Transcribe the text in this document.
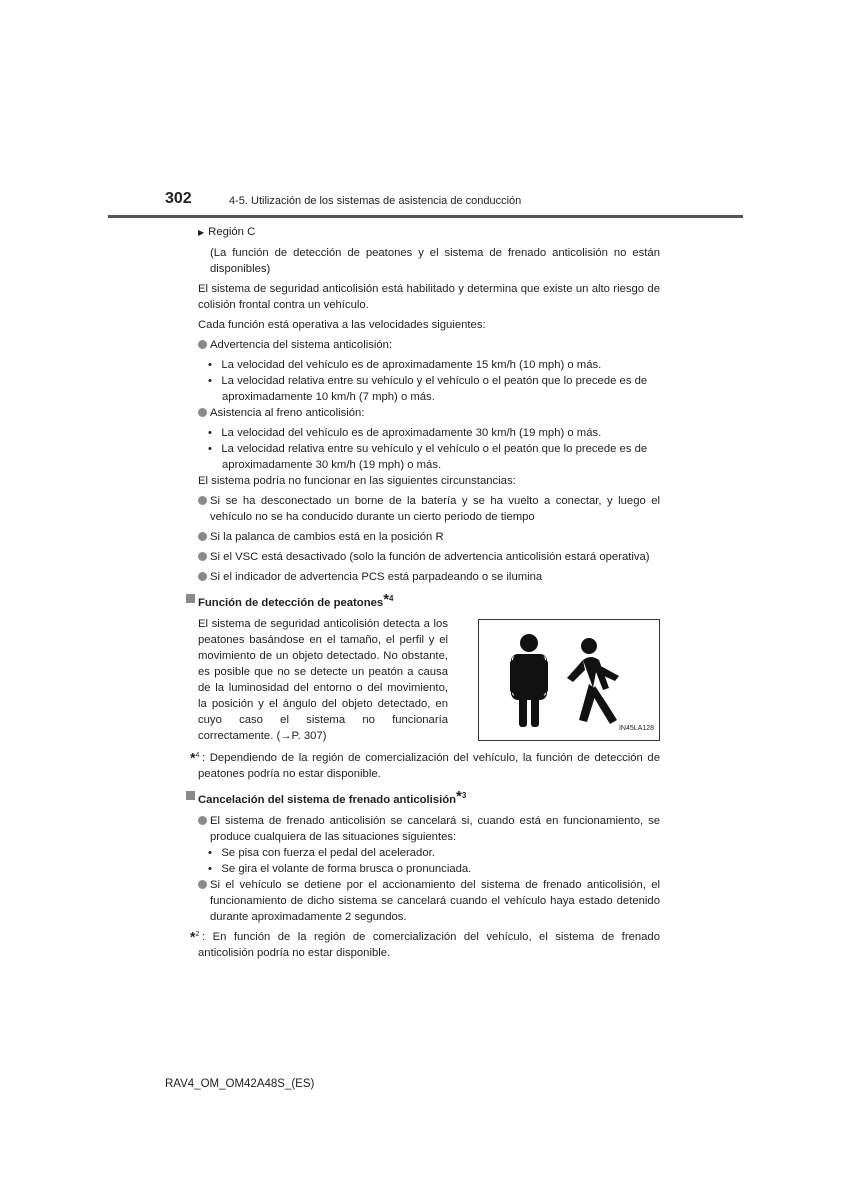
302	4-5. Utilización de los sistemas de asistencia de conducción

▶ Región C

(La función de detección de peatones y el sistema de frenado anticolisión no están disponibles)

El sistema de seguridad anticolisión está habilitado y determina que existe un alto riesgo de colisión frontal contra un vehículo.

Cada función está operativa a las velocidades siguientes:

Advertencia del sistema anticolisión:

•   La velocidad del vehículo es de aproximadamente 15 km/h (10 mph) o más.

•   La velocidad relativa entre su vehículo y el vehículo o el peatón que lo precede es de aproximadamente 10 km/h (7 mph) o más.

Asistencia al freno anticolisión:

•   La velocidad del vehículo es de aproximadamente 30 km/h (19 mph) o más.

•   La velocidad relativa entre su vehículo y el vehículo o el peatón que lo precede es de aproximadamente 30 km/h (19 mph) o más.

El sistema podría no funcionar en las siguientes circunstancias:

Si se ha desconectado un borne de la batería y se ha vuelto a conectar, y luego el vehículo no se ha conducido durante un cierto periodo de tiempo

Si la palanca de cambios está en la posición R

Si el VSC está desactivado (solo la función de advertencia anticolisión estará operativa)

Si el indicador de advertencia PCS está parpadeando o se ilumina

Función de detección de peatones*$^4$

El sistema de seguridad anticolisión detecta a los peatones basándose en el tamaño, el perfil y el movimiento de un objeto detectado. No obstante, es posible que no se detecte un peatón a causa de la luminosidad del entorno o del movimiento, la posición y el ángulo del objeto detectado, en cuyo caso el sistema no funcionaría correctamente. (→P. 307)

IN45LA128

*$^4$ : Dependiendo de la región de comercialización del vehículo, la función de detección de peatones podría no estar disponible.

Cancelación del sistema de frenado anticolisión*$^3$

El sistema de frenado anticolisión se cancelará si, cuando está en funcionamiento, se produce cualquiera de las situaciones siguientes:

•   Se pisa con fuerza el pedal del acelerador.

•   Se gira el volante de forma brusca o pronunciada.

Si el vehículo se detiene por el accionamiento del sistema de frenado anticolisión, el funcionamiento de dicho sistema se cancelará cuando el vehículo haya estado detenido durante aproximadamente 2 segundos.

*$^2$ : En función de la región de comercialización del vehículo, el sistema de frenado anticolisión podría no estar disponible.

RAV4_OM_OM42A48S_(ES)
